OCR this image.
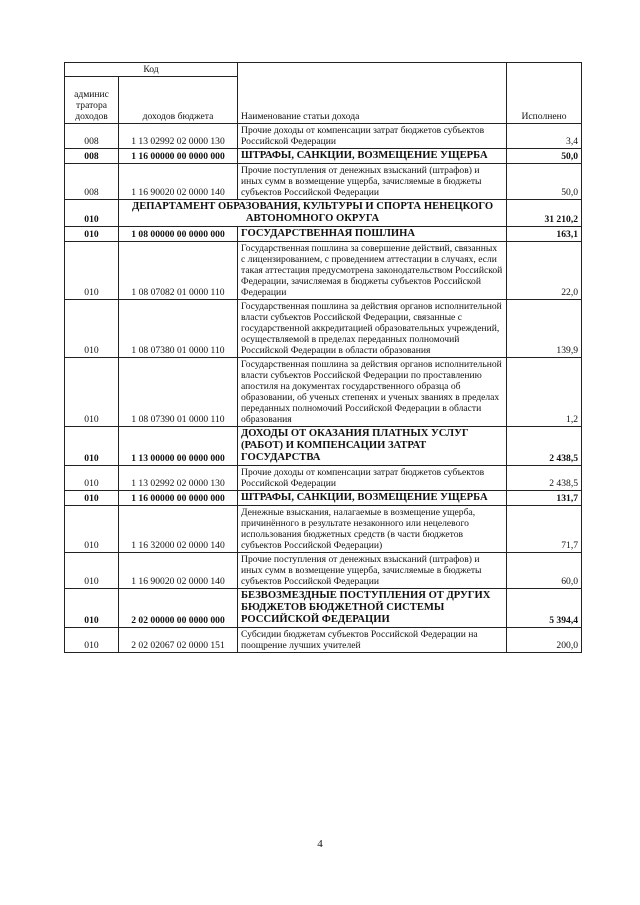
Код		Наименование статьи дохода	Исполнено
админис тратора доходов	доходов бюджета		
008	1 13 02992 02 0000 130	Прочие доходы от компенсации затрат бюджетов субъектов Российской Федерации	3,4
008	1 16 00000 00 0000 000	ШТРАФЫ, САНКЦИИ, ВОЗМЕЩЕНИЕ УЩЕРБА	50,0
008	1 16 90020 02 0000 140	Прочие поступления от денежных взысканий (штрафов) и иных сумм в возмещение ущерба, зачисляемые в бюджеты субъектов Российской Федерации	50,0
010	ДЕПАРТАМЕНТ ОБРАЗОВАНИЯ, КУЛЬТУРЫ И СПОРТА НЕНЕЦКОГО АВТОНОМНОГО ОКРУГА		31 210,2
010	1 08 00000 00 0000 000	ГОСУДАРСТВЕННАЯ ПОШЛИНА	163,1
010	1 08 07082 01 0000 110	Государственная пошлина за совершение действий, связанных с лицензированием, с проведением аттестации в случаях, если такая аттестация предусмотрена законодательством Российской Федерации, зачисляемая в бюджеты субъектов Российской Федерации	22,0
010	1 08 07380 01 0000 110	Государственная пошлина за действия органов исполнительной власти субъектов Российской Федерации, связанные с государственной аккредитацией образовательных учреждений, осуществляемой в пределах переданных полномочий Российской Федерации в области образования	139,9
010	1 08 07390 01 0000 110	Государственная пошлина за действия органов исполнительной власти субъектов Российской Федерации по проставлению апостиля на документах государственного образца об образовании, об ученых степенях и ученых званиях в пределах переданных полномочий Российской Федерации в области образования	1,2
010	1 13 00000 00 0000 000	ДОХОДЫ ОТ ОКАЗАНИЯ ПЛАТНЫХ УСЛУГ (РАБОТ) И КОМПЕНСАЦИИ ЗАТРАТ ГОСУДАРСТВА	2 438,5
010	1 13 02992 02 0000 130	Прочие доходы от компенсации затрат бюджетов субъектов Российской Федерации	2 438,5
010	1 16 00000 00 0000 000	ШТРАФЫ, САНКЦИИ, ВОЗМЕЩЕНИЕ УЩЕРБА	131,7
010	1 16 32000 02 0000 140	Денежные взыскания, налагаемые в возмещение ущерба, причинённого в результате незаконного или нецелевого использования бюджетных средств (в части бюджетов субъектов Российской Федерации)	71,7
010	1 16 90020 02 0000 140	Прочие поступления от денежных взысканий (штрафов) и иных сумм в возмещение ущерба, зачисляемые в бюджеты субъектов Российской Федерации	60,0
010	2 02 00000 00 0000 000	БЕЗВОЗМЕЗДНЫЕ ПОСТУПЛЕНИЯ ОТ ДРУГИХ БЮДЖЕТОВ БЮДЖЕТНОЙ СИСТЕМЫ РОССИЙСКОЙ ФЕДЕРАЦИИ	5 394,4
010	2 02 02067 02 0000 151	Субсидии бюджетам субъектов Российской Федерации на поощрение лучших учителей	200,0
4
